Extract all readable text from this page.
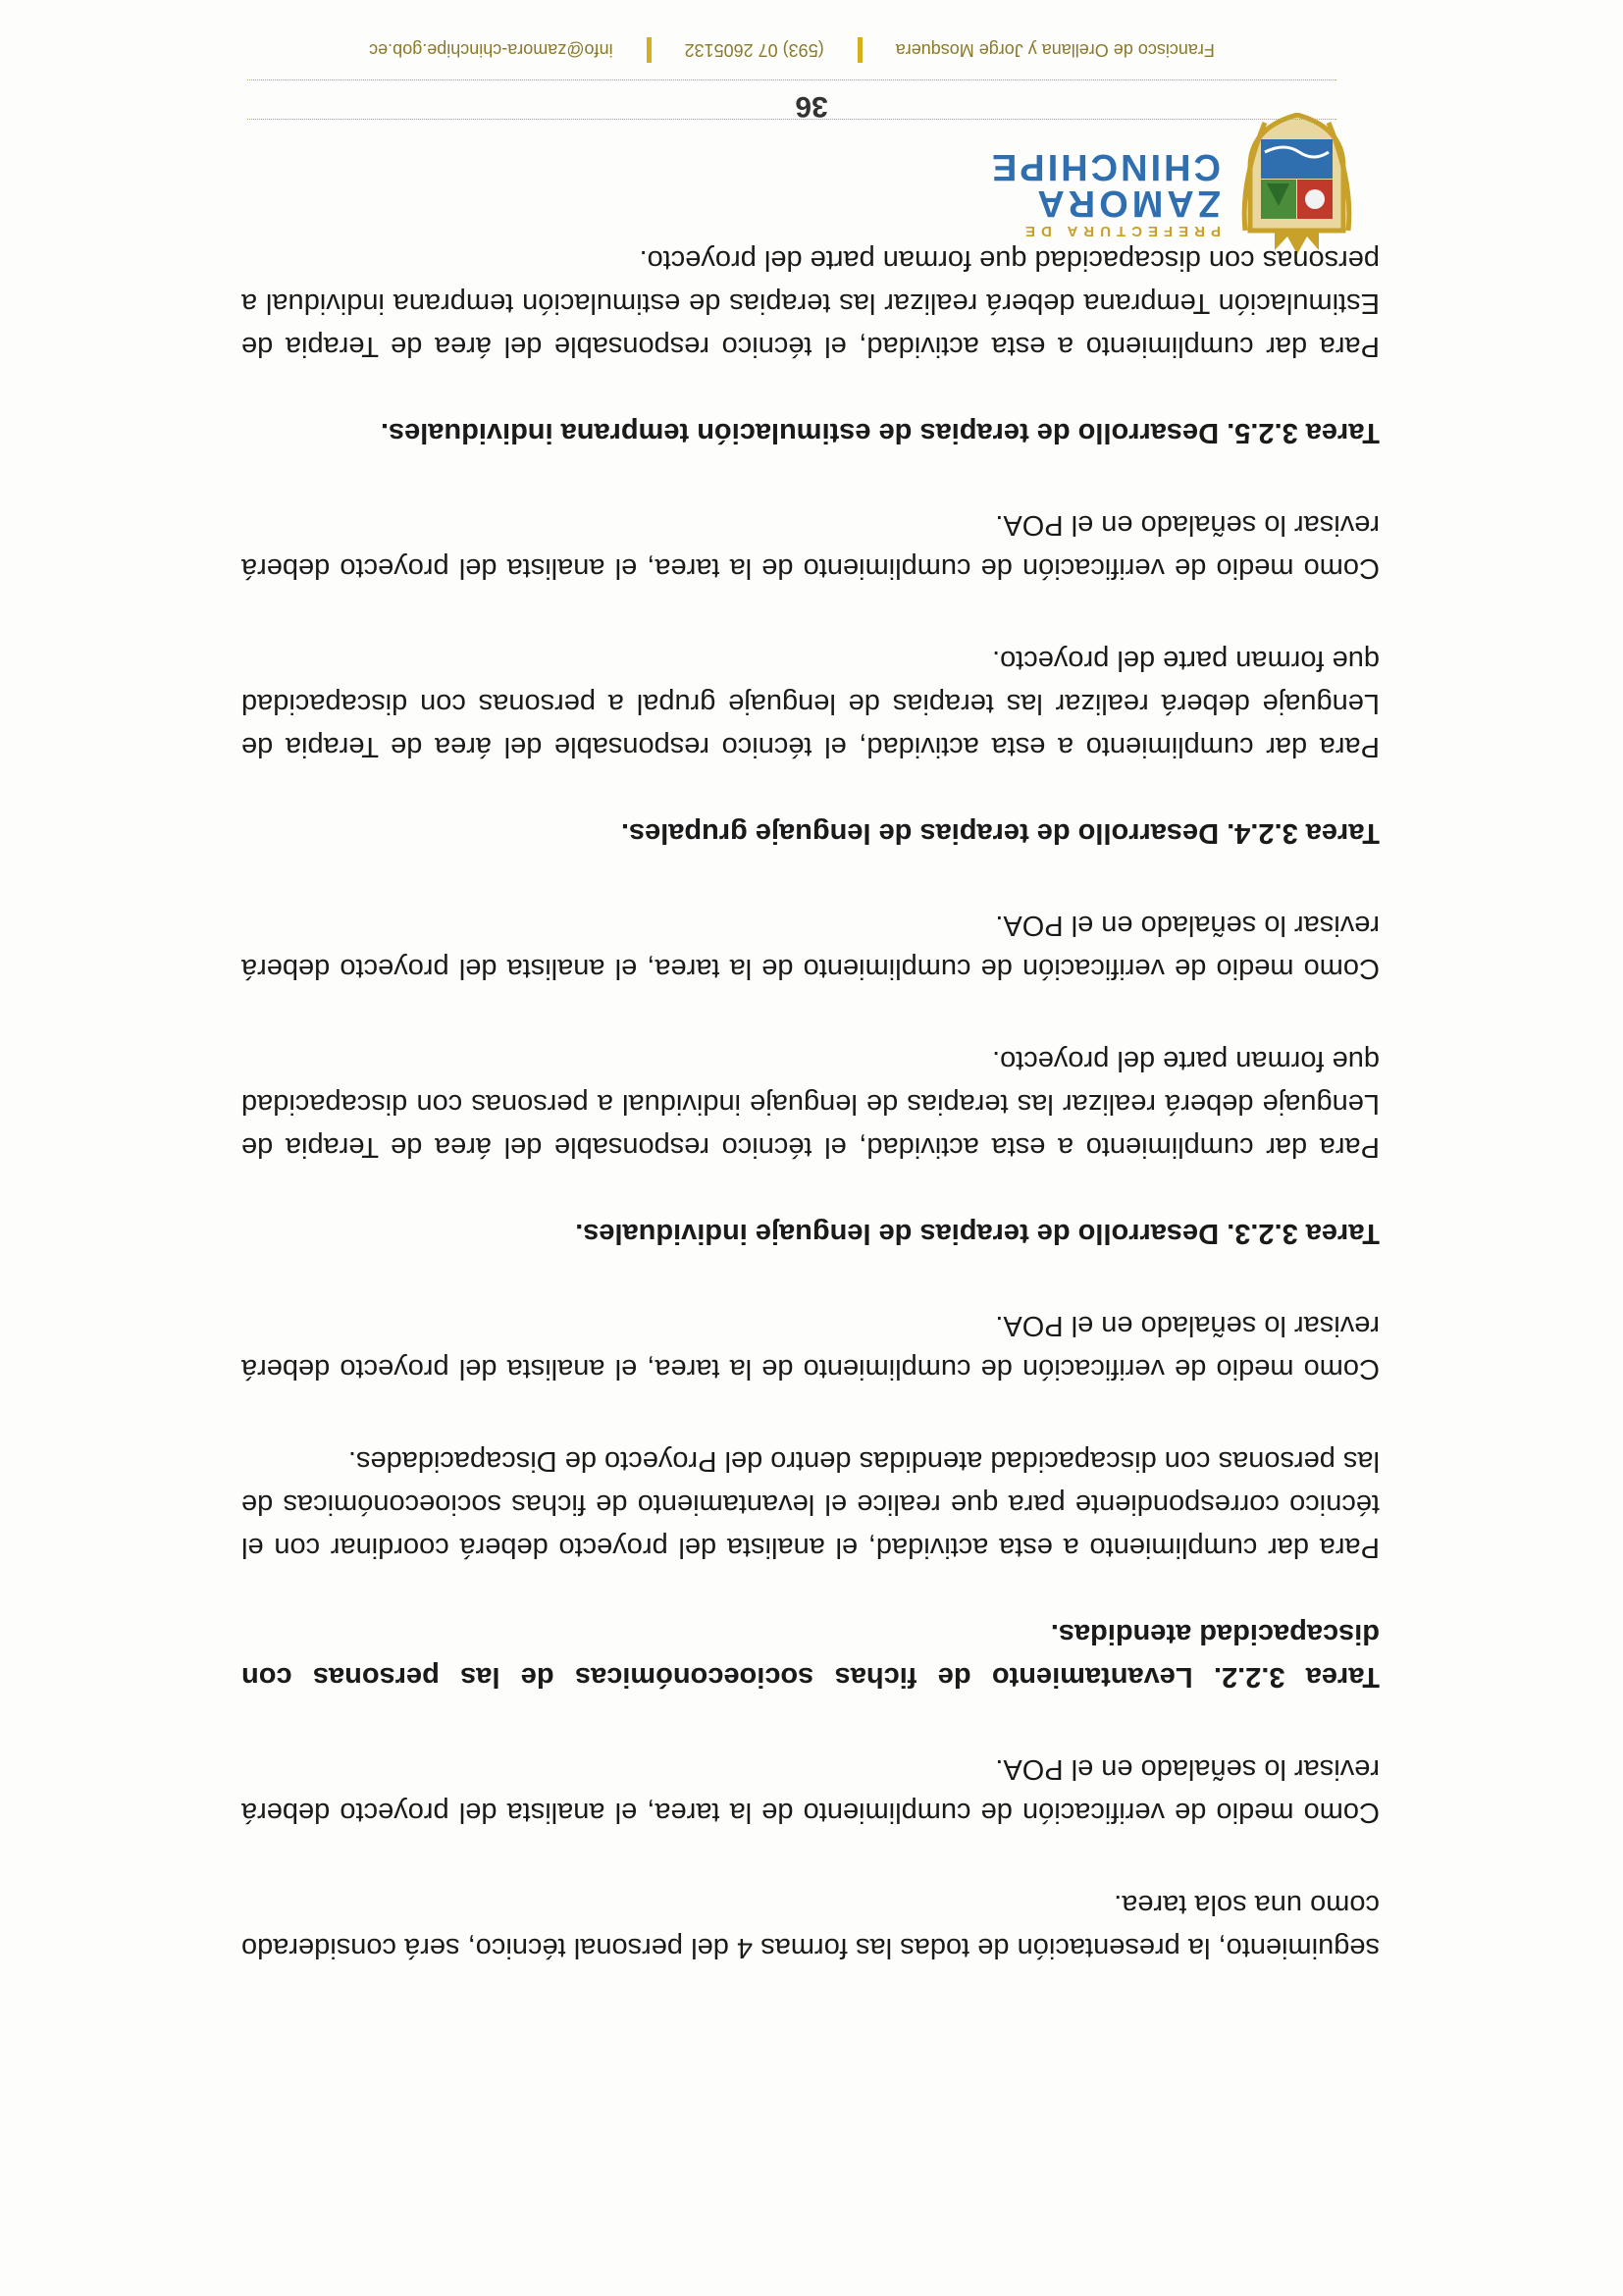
PREFECTURA DE
ZAMORA
CHINCHIPE

seguimiento, la presentación de todas las formas 4 del personal técnico, será considerado como una sola tarea.

Como medio de verificación de cumplimiento de la tarea, el analista del proyecto deberá revisar lo señalado en el POA.

Tarea 3.2.2. Levantamiento de fichas socioeconómicas de las personas con discapacidad atendidas.

Para dar cumplimiento a esta actividad, el analista del proyecto deberá coordinar con el técnico correspondiente para que realice el levantamiento de fichas socioeconómicas de las personas con discapacidad atendidas dentro del Proyecto de Discapacidades.

Como medio de verificación de cumplimiento de la tarea, el analista del proyecto deberá revisar lo señalado en el POA.

Tarea 3.2.3. Desarrollo de terapias de lenguaje individuales.

Para dar cumplimiento a esta actividad, el técnico responsable del área de Terapia de Lenguaje deberá realizar las terapias de lenguaje individual a personas con discapacidad que forman parte del proyecto.

Como medio de verificación de cumplimiento de la tarea, el analista del proyecto deberá revisar lo señalado en el POA.

Tarea 3.2.4. Desarrollo de terapias de lenguaje grupales.

Para dar cumplimiento a esta actividad, el técnico responsable del área de Terapia de Lenguaje deberá realizar las terapias de lenguaje grupal a personas con discapacidad que forman parte del proyecto.

Como medio de verificación de cumplimiento de la tarea, el analista del proyecto deberá revisar lo señalado en el POA.

Tarea 3.2.5. Desarrollo de terapias de estimulación temprana individuales.

Para dar cumplimiento a esta actividad, el técnico responsable del área de Terapia de Estimulación Temprana deberá realizar las terapias de estimulación temprana individual a personas con discapacidad que forman parte del proyecto.

36
Francisco de Orellana y Jorge Mosquera
(593) 07 2605132
info@zamora-chinchipe.gob.ec
